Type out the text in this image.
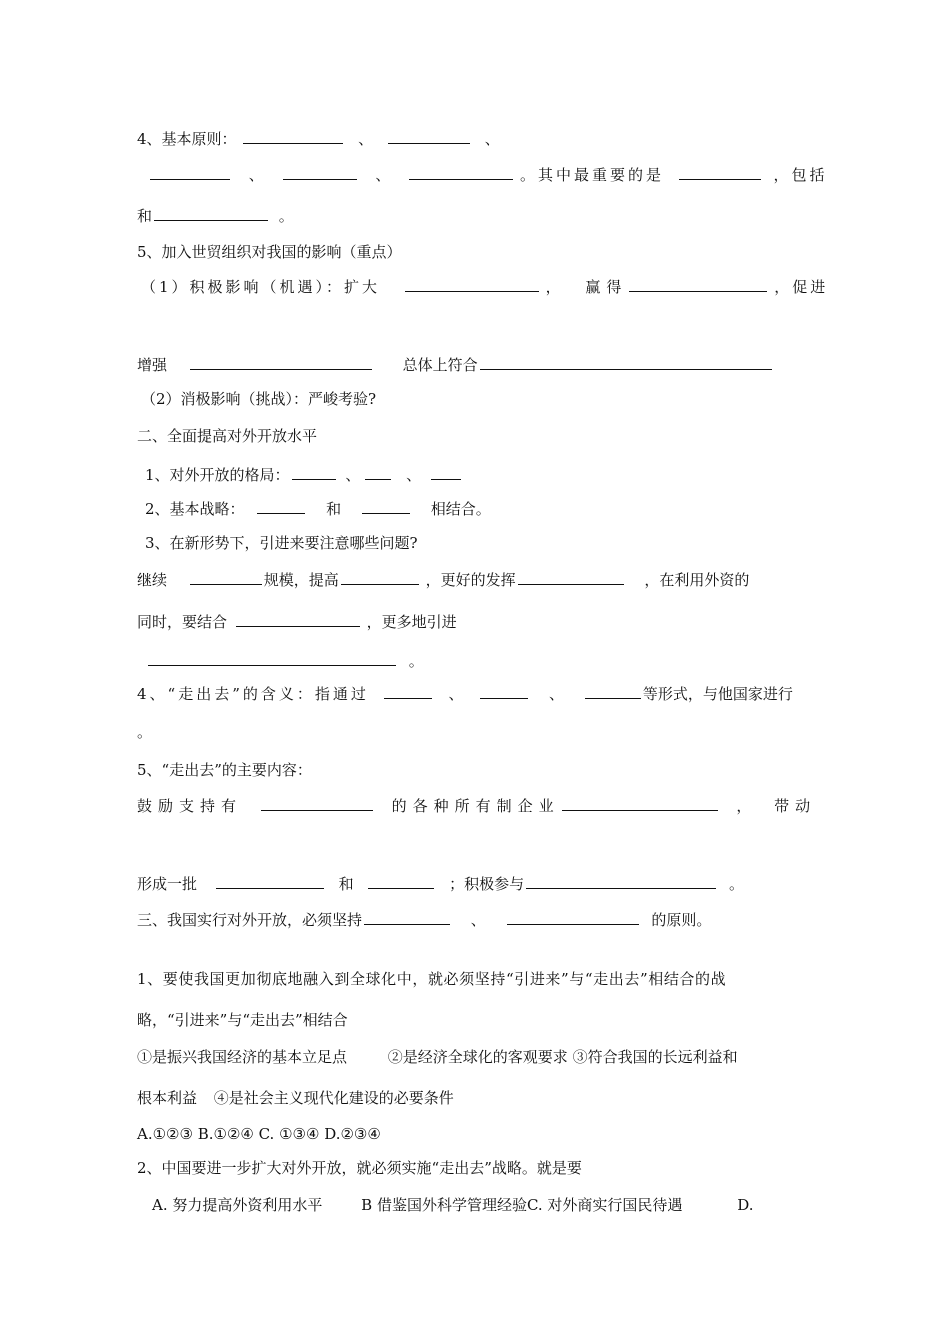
4、基本原则：	、	、
、	、	。其中最重要的是	，包括
和	。
5、加入世贸组织对我国的影响（重点）
（1）积极影响（机遇）：扩大	， 赢得	，促进
增强	总体上符合
（2）消极影响（挑战）：严峻考验?
二、全面提高对外开放水平
1、对外开放的格局：	、	、
2、基本战略：	和	相结合。
3、在新形势下，引进来要注意哪些问题?
继续	规模，提高	，更好的发挥	，在利用外资的
同时，要结合	，更多地引进
。
4、“走出去”的含义：指通过	、	、	等形式，与他国家进行
。
5、“走出去”的主要内容：
鼓励支持有	的各种所有制企业	， 带动
形成一批	和	；积极参与	。
三、我国实行对外开放，必须坚持	、	的原则。
1、要使我国更加彻底地融入到全球化中，就必须坚持“引进来”与“走出去”相结合的战
略，“引进来”与“走出去”相结合
①是振兴我国经济的基本立足点	②是经济全球化的客观要求 ③符合我国的长远利益和
根本利益 ④是社会主义现代化建设的必要条件
A.①②③ B.①②④ C. ①③④ D.②③④
2、中国要进一步扩大对外开放，就必须实施“走出去”战略。就是要
A. 努力提高外资利用水平	B 借鉴国外科学管理经验C. 对外商实行国民待遇	D.
